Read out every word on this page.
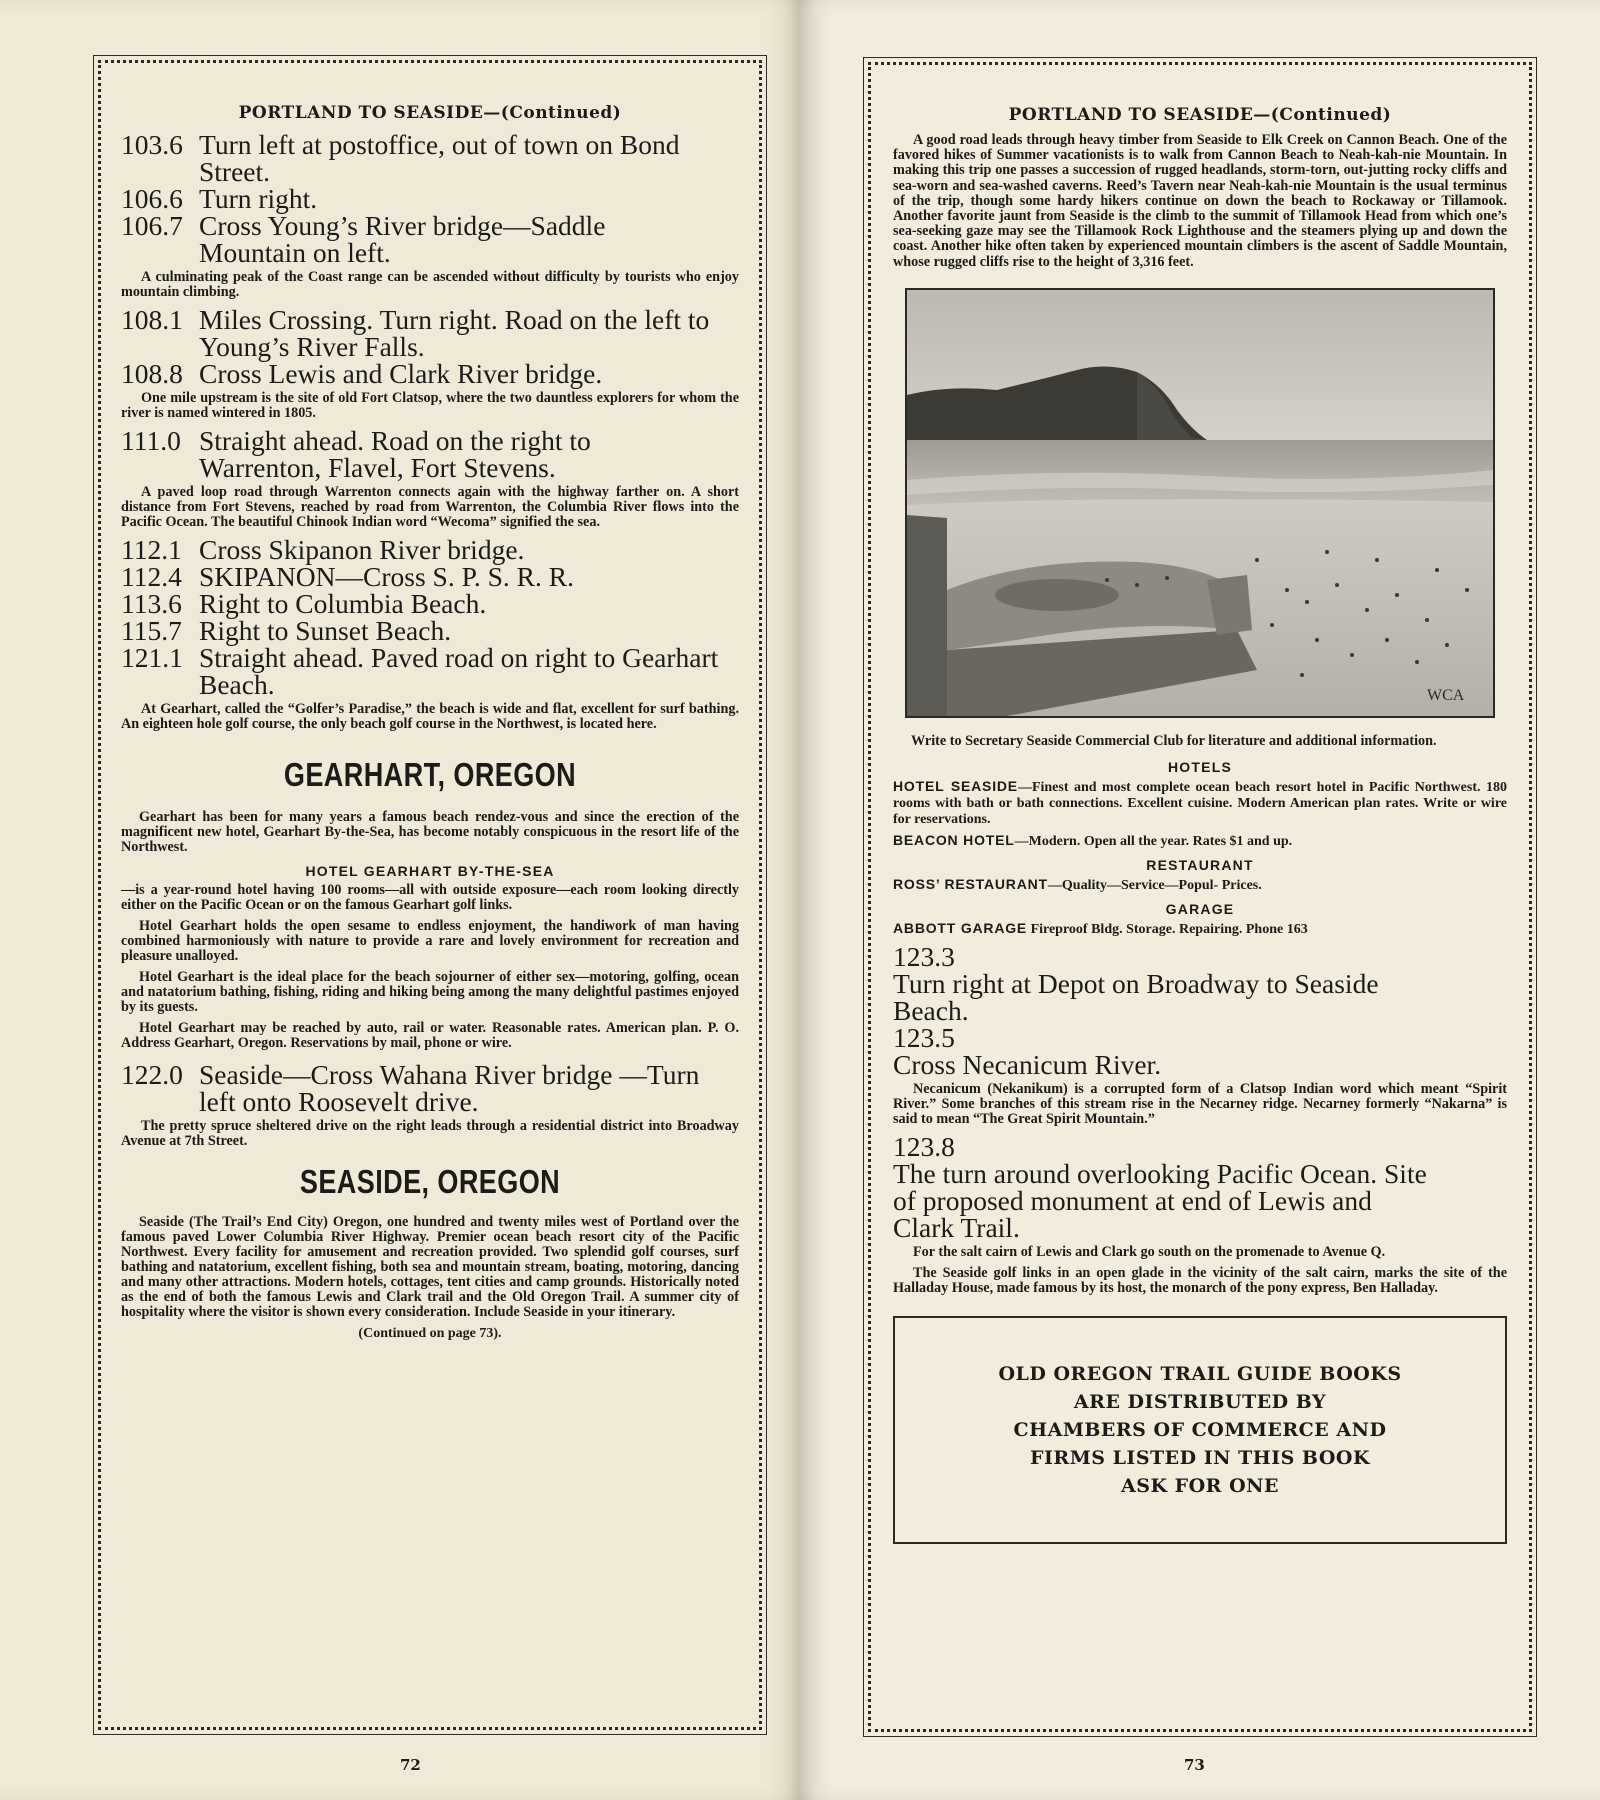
PORTLAND TO SEASIDE—(Continued)

103.6 Turn left at postoffice, out of town on Bond Street.

106.6 Turn right.

106.7 Cross Young’s River bridge—Saddle Mountain on left.

A culminating peak of the Coast range can be ascended without difficulty by tourists who enjoy mountain climbing.

108.1 Miles Crossing. Turn right. Road on the left to Young’s River Falls.

108.8 Cross Lewis and Clark River bridge.

One mile upstream is the site of old Fort Clatsop, where the two dauntless explorers for whom the river is named wintered in 1805.

111.0 Straight ahead. Road on the right to Warrenton, Flavel, Fort Stevens.

A paved loop road through Warrenton connects again with the highway farther on. A short distance from Fort Stevens, reached by road from Warrenton, the Columbia River flows into the Pacific Ocean. The beautiful Chinook Indian word “Wecoma” signified the sea.

112.1 Cross Skipanon River bridge.

112.4 SKIPANON—Cross S. P. S. R. R.

113.6 Right to Columbia Beach.

115.7 Right to Sunset Beach.

121.1 Straight ahead. Paved road on right to Gearhart Beach.

At Gearhart, called the “Golfer’s Paradise,” the beach is wide and flat, excellent for surf bathing. An eighteen hole golf course, the only beach golf course in the Northwest, is located here.

GEARHART, OREGON

Gearhart has been for many years a famous beach rendez-vous and since the erection of the magnificent new hotel, Gearhart By-the-Sea, has become notably conspicuous in the resort life of the Northwest.

HOTEL GEARHART BY-THE-SEA

—is a year-round hotel having 100 rooms—all with outside exposure—each room looking directly either on the Pacific Ocean or on the famous Gearhart golf links.

Hotel Gearhart holds the open sesame to endless enjoyment, the handiwork of man having combined harmoniously with nature to provide a rare and lovely environment for recreation and pleasure unalloyed.

Hotel Gearhart is the ideal place for the beach sojourner of either sex—motoring, golfing, ocean and natatorium bathing, fishing, riding and hiking being among the many delightful pastimes enjoyed by its guests.

Hotel Gearhart may be reached by auto, rail or water. Reasonable rates. American plan. P. O. Address Gearhart, Oregon. Reservations by mail, phone or wire.

122.0 Seaside—Cross Wahana River bridge —Turn left onto Roosevelt drive.

The pretty spruce sheltered drive on the right leads through a residential district into Broadway Avenue at 7th Street.

SEASIDE, OREGON

Seaside (The Trail’s End City) Oregon, one hundred and twenty miles west of Portland over the famous paved Lower Columbia River Highway. Premier ocean beach resort city of the Pacific Northwest. Every facility for amusement and recreation provided. Two splendid golf courses, surf bathing and natatorium, excellent fishing, both sea and mountain stream, boating, motoring, dancing and many other attractions. Modern hotels, cottages, tent cities and camp grounds. Historically noted as the end of both the famous Lewis and Clark trail and the Old Oregon Trail. A summer city of hospitality where the visitor is shown every consideration. Include Seaside in your itinerary.

(Continued on page 73).
72
PORTLAND TO SEASIDE—(Continued)

A good road leads through heavy timber from Seaside to Elk Creek on Cannon Beach. One of the favored hikes of Summer vacationists is to walk from Cannon Beach to Neah-kah-nie Mountain. In making this trip one passes a succession of rugged headlands, storm-torn, out-jutting rocky cliffs and sea-worn and sea-washed caverns. Reed’s Tavern near Neah-kah-nie Mountain is the usual terminus of the trip, though some hardy hikers continue on down the beach to Rockaway or Tillamook. Another favorite jaunt from Seaside is the climb to the summit of Tillamook Head from which one’s sea-seeking gaze may see the Tillamook Rock Lighthouse and the steamers plying up and down the coast. Another hike often taken by experienced mountain climbers is the ascent of Saddle Mountain, whose rugged cliffs rise to the height of 3,316 feet.

WCA

Write to Secretary Seaside Commercial Club for literature and additional information.

HOTELS

HOTEL SEASIDE—Finest and most complete ocean beach resort hotel in Pacific Northwest. 180 rooms with bath or bath connections. Excellent cuisine. Modern American plan rates. Write or wire for reservations.

BEACON HOTEL—Modern. Open all the year. Rates $1 and up.

RESTAURANT

ROSS’ RESTAURANT—Quality—Service—Popul‑ Prices.

GARAGE

ABBOTT GARAGE Fireproof Bldg. Storage. Repairing. Phone 163

123.3Turn right at Depot on Broadway to Seaside Beach.

123.5Cross Necanicum River.

Necanicum (Nekanikum) is a corrupted form of a Clatsop Indian word which meant “Spirit River.” Some branches of this stream rise in the Necarney ridge. Necarney formerly “Nakarna” is said to mean “The Great Spirit Mountain.”

123.8The turn around overlooking Pacific Ocean. Site of proposed monument at end of Lewis and Clark Trail.

For the salt cairn of Lewis and Clark go south on the promenade to Avenue Q.

The Seaside golf links in an open glade in the vicinity of the salt cairn, marks the site of the Halladay House, made famous by its host, the monarch of the pony express, Ben Halladay.

OLD OREGON TRAIL GUIDE BOOKS
ARE DISTRIBUTED BY
CHAMBERS OF COMMERCE AND
FIRMS LISTED IN THIS BOOK
ASK FOR ONE
73
